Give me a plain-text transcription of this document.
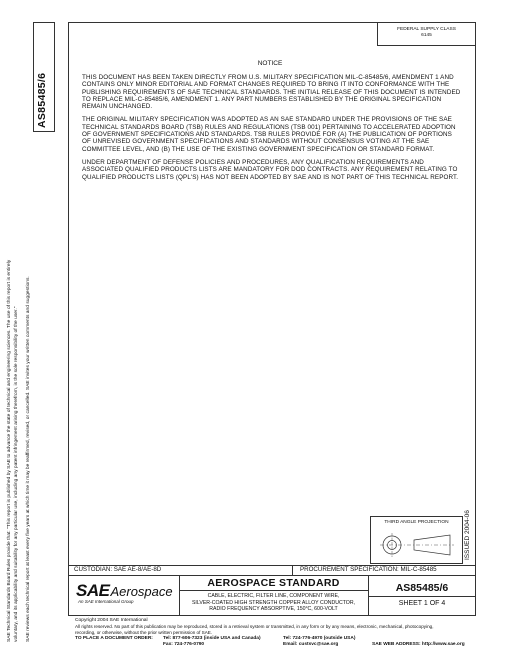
AS85485/6
SAE Technical Standards Board Rules provide that: "This report is published by SAE to advance the state of technical and engineering sciences. The use of this report is entirely voluntary, and its applicability and suitability for any particular use, including any patent infringement arising therefrom, is the sole responsibility of the user." SAE reviews each technical report at least every five years at which time it may be reaffirmed, revised, or cancelled. SAE invites your written comments and suggestions.
FEDERAL SUPPLY CLASS
6145
NOTICE

THIS DOCUMENT HAS BEEN TAKEN DIRECTLY FROM U.S. MILITARY SPECIFICATION MIL-C-85485/6, AMENDMENT 1 AND CONTAINS ONLY MINOR EDITORIAL AND FORMAT CHANGES REQUIRED TO BRING IT INTO CONFORMANCE WITH THE PUBLISHING REQUIREMENTS OF SAE TECHNICAL STANDARDS. THE INITIAL RELEASE OF THIS DOCUMENT IS INTENDED TO REPLACE MIL-C-85485/6, AMENDMENT 1. ANY PART NUMBERS ESTABLISHED BY THE ORIGINAL SPECIFICATION REMAIN UNCHANGED.

THE ORIGINAL MILITARY SPECIFICATION WAS ADOPTED AS AN SAE STANDARD UNDER THE PROVISIONS OF THE SAE TECHNICAL STANDARDS BOARD (TSB) RULES AND REGULATIONS (TSB 001) PERTAINING TO ACCELERATED ADOPTION OF GOVERNMENT SPECIFICATIONS AND STANDARDS. TSB RULES PROVIDE FOR (A) THE PUBLICATION OF PORTIONS OF UNREVISED GOVERNMENT SPECIFICATIONS AND STANDARDS WITHOUT CONSENSUS VOTING AT THE SAE COMMITTEE LEVEL, AND (B) THE USE OF THE EXISTING GOVERNMENT SPECIFICATION OR STANDARD FORMAT.

UNDER DEPARTMENT OF DEFENSE POLICIES AND PROCEDURES, ANY QUALIFICATION REQUIREMENTS AND ASSOCIATED QUALIFIED PRODUCTS LISTS ARE MANDATORY FOR DOD CONTRACTS. ANY REQUIREMENT RELATING TO QUALIFIED PRODUCTS LISTS (QPL'S) HAS NOT BEEN ADOPTED BY SAE AND IS NOT PART OF THIS TECHNICAL REPORT.

ISSUED 2004-06
THIRD ANGLE PROJECTION
CUSTODIAN: SAE AE-8/AE-8D	PROCUREMENT SPECIFICATION: MIL-C-85485
SAEAerospace
An SAE International Group
AEROSPACE STANDARD
CABLE, ELECTRIC, FILTER LINE, COMPONENT WIRE,
SILVER-COATED HIGH STRENGTH COPPER ALLOY CONDUCTOR,
RADIO FREQUENCY ABSORPTIVE, 150°C, 600-VOLT
AS85485/6
SHEET 1 OF 4
Copyright 2004 SAE International
All rights reserved. No part of this publication may be reproduced, stored in a retrieval system or transmitted, in any form or by any means, electronic, mechanical, photocopying,
recording, or otherwise, without the prior written permission of SAE.
TO PLACE A DOCUMENT ORDER: Tel: 877-606-7323 (inside USA and Canada)	Tel: 724-776-4970 (outside USA)
Fax: 724-776-0790	Email: custsvc@sae.org	SAE WEB ADDRESS: http://www.sae.org
